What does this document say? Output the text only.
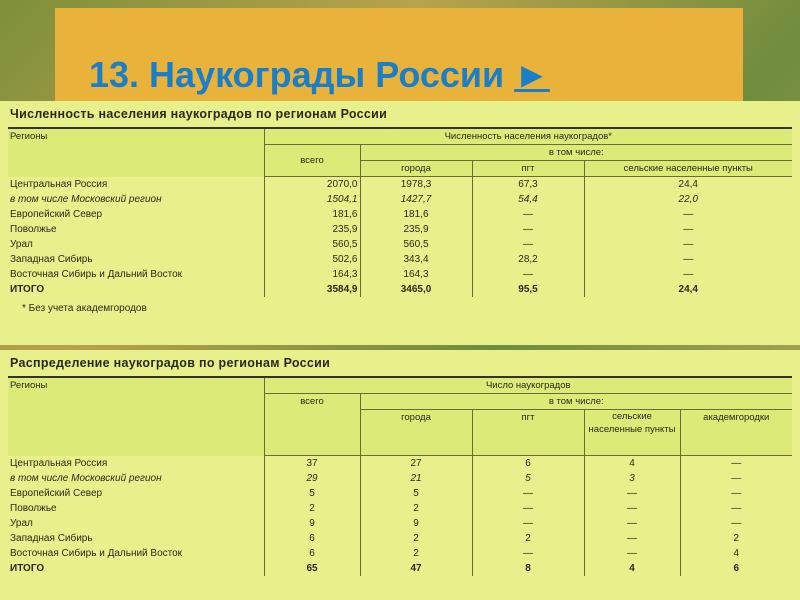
13. Наукограды России ►
Численность населения наукоградов по регионам России
Регионы	Численность населения наукоградов*			
	всего	в том числе:		
		города	пгт	сельские населенные пункты
Центральная Россия	2070,0	1978,3	67,3	24,4
в том числе Московский регион	1504,1	1427,7	54,4	22,0
Европейский Север	181,6	181,6	—	—
Поволжье	235,9	235,9	—	—
Урал	560,5	560,5	—	—
Западная Сибирь	502,6	343,4	28,2	—
Восточная Сибирь и Дальний Восток	164,3	164,3	—	—
ИТОГО	3584,9	3465,0	95,5	24,4
* Без учета академгородов
Распределение наукоградов по регионам России
Регионы	Число наукоградов				
	всего	в том числе:			
		города	пгт	сельские населенные пункты	академгородки
Центральная Россия	37	27	6	4	—
в том числе Московский регион	29	21	5	3	—
Европейский Север	5	5	—	—	—
Поволжье	2	2	—	—	—
Урал	9	9	—	—	—
Западная Сибирь	6	2	2	—	2
Восточная Сибирь и Дальний Восток	6	2	—	—	4
ИТОГО	65	47	8	4	6
